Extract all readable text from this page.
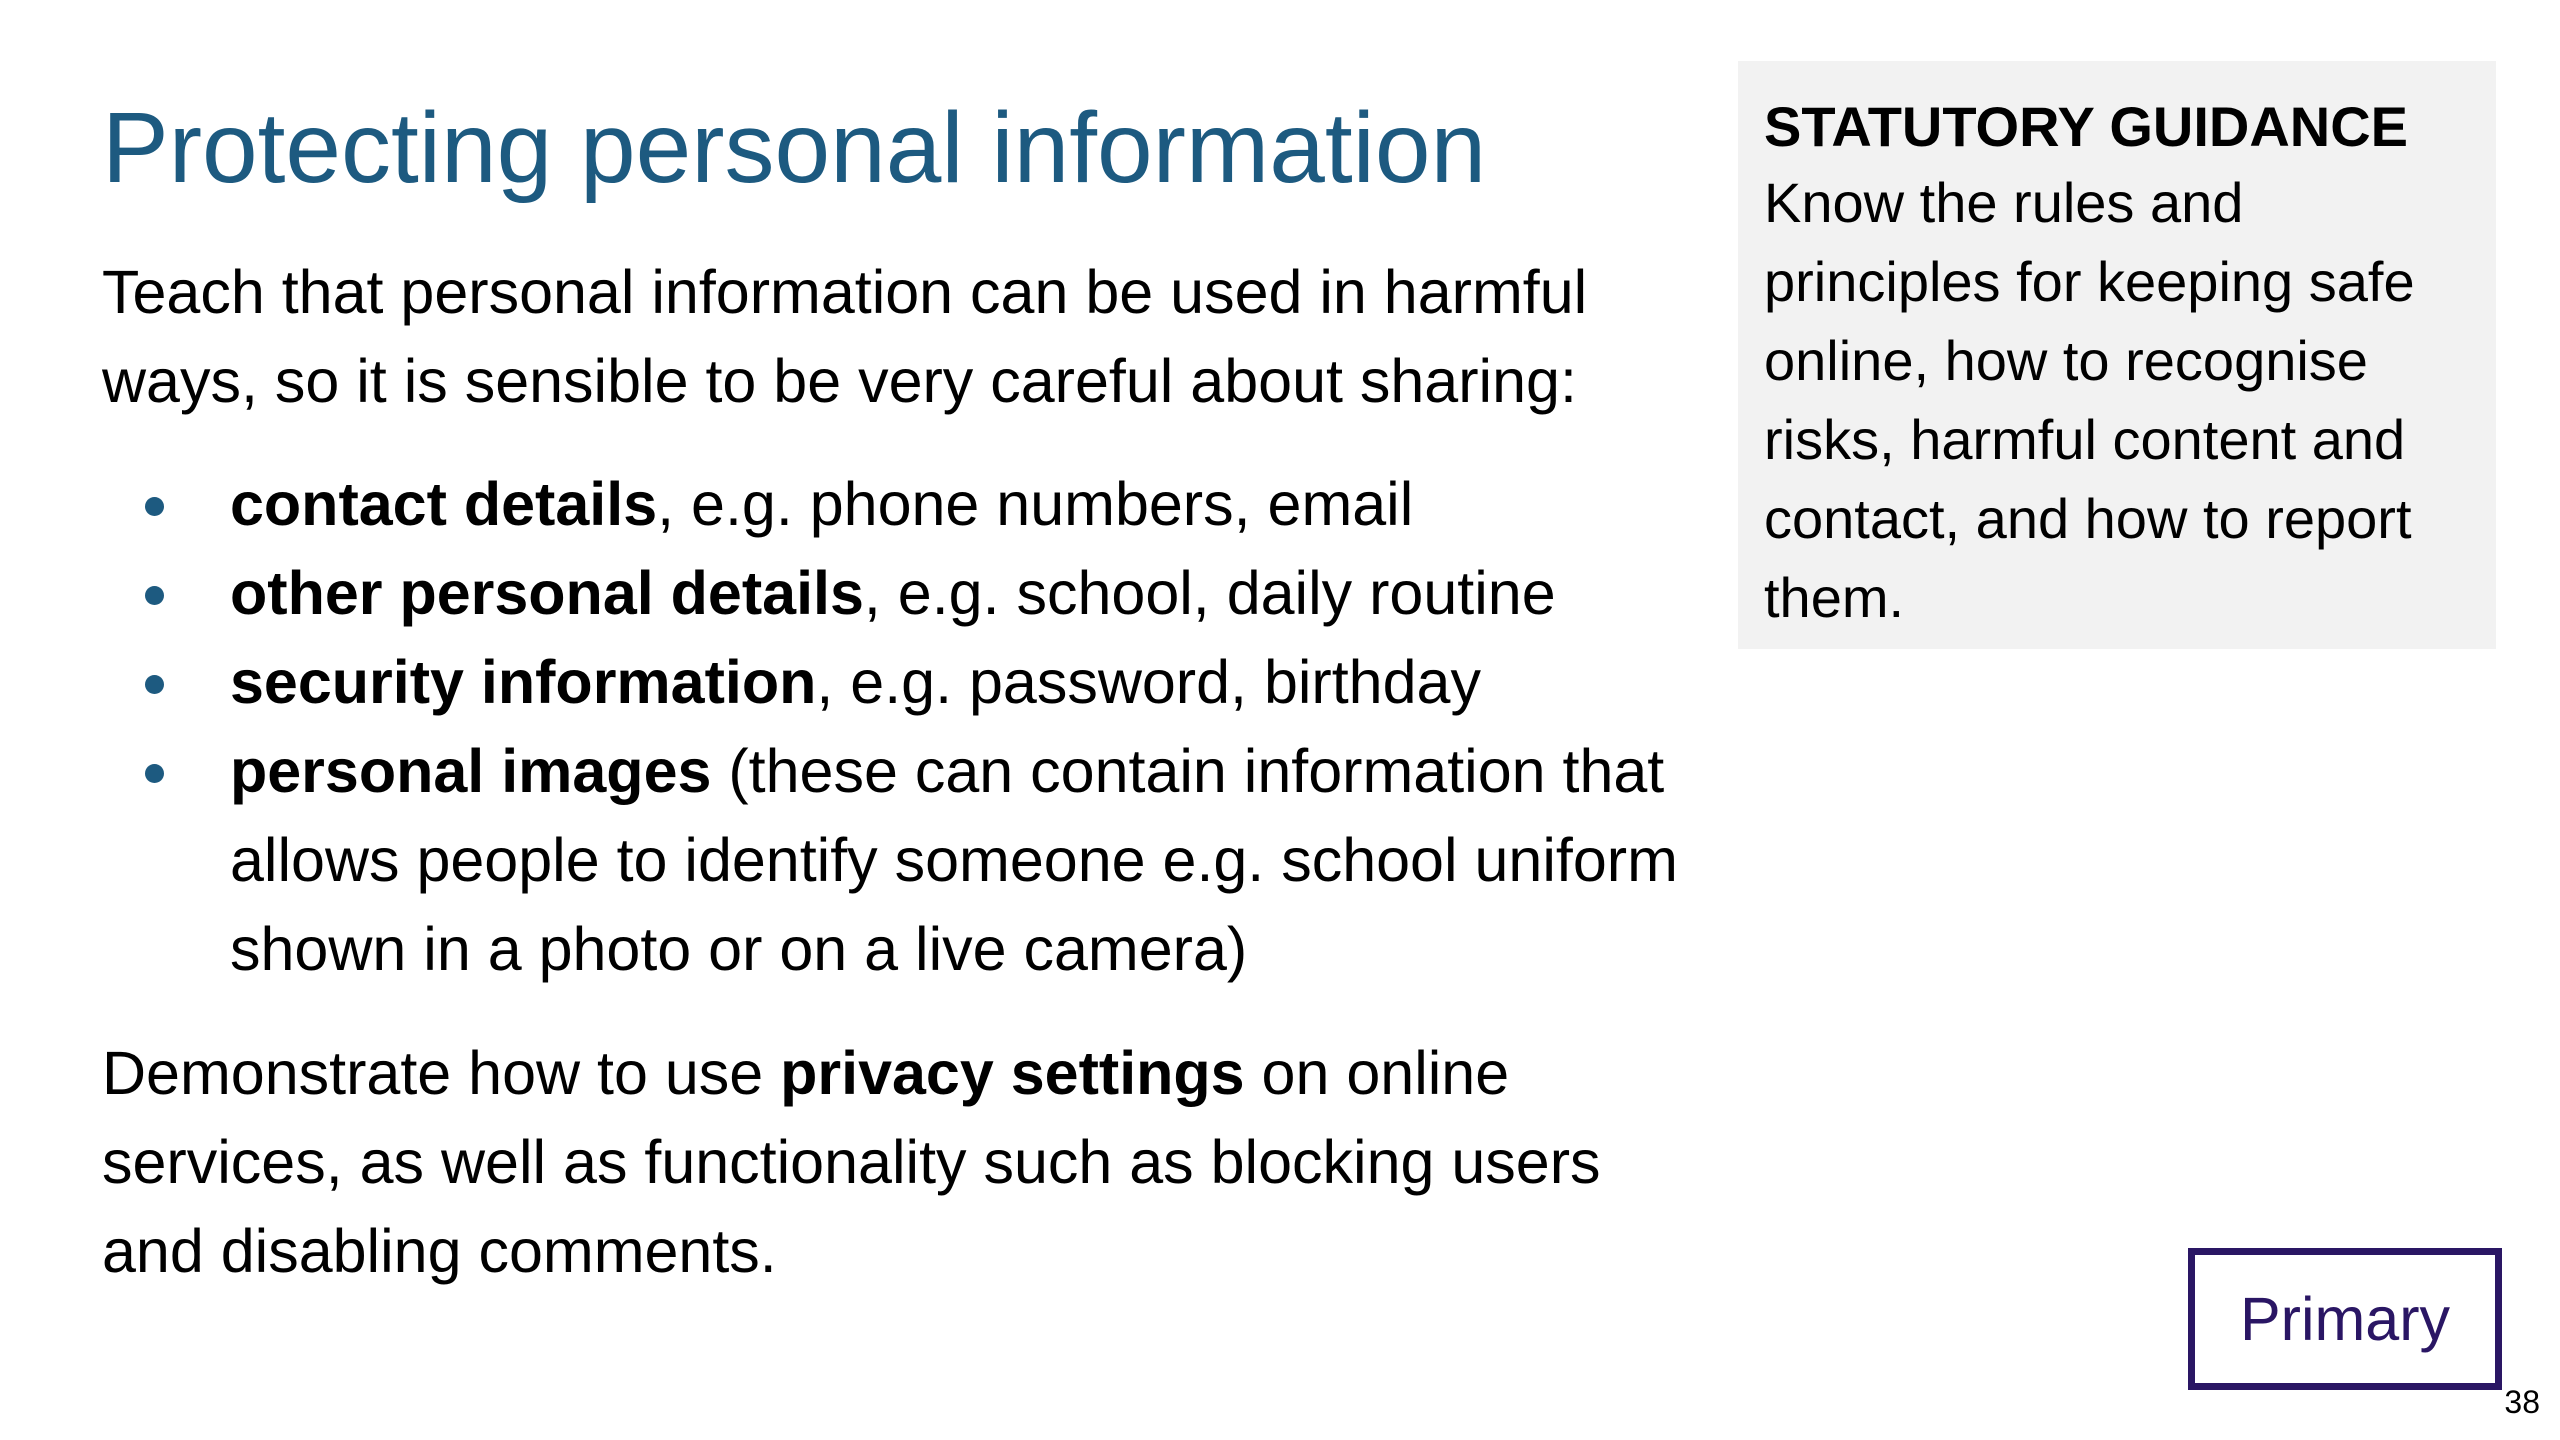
Protecting personal information

Teach that personal information can be used in harmful ways, so it is sensible to be very careful about sharing:

contact details, e.g. phone numbers, email
other personal details, e.g. school, daily routine
security information, e.g. password, birthday
personal images (these can contain information that allows people to identify someone e.g. school uniform shown in a photo or on a live camera)

Demonstrate how to use privacy settings on online services, as well as functionality such as blocking users and disabling comments.

STATUTORY GUIDANCE

Know the rules and principles for keeping safe online, how to recognise risks, harmful content and contact, and how to report them.

Primary
38
